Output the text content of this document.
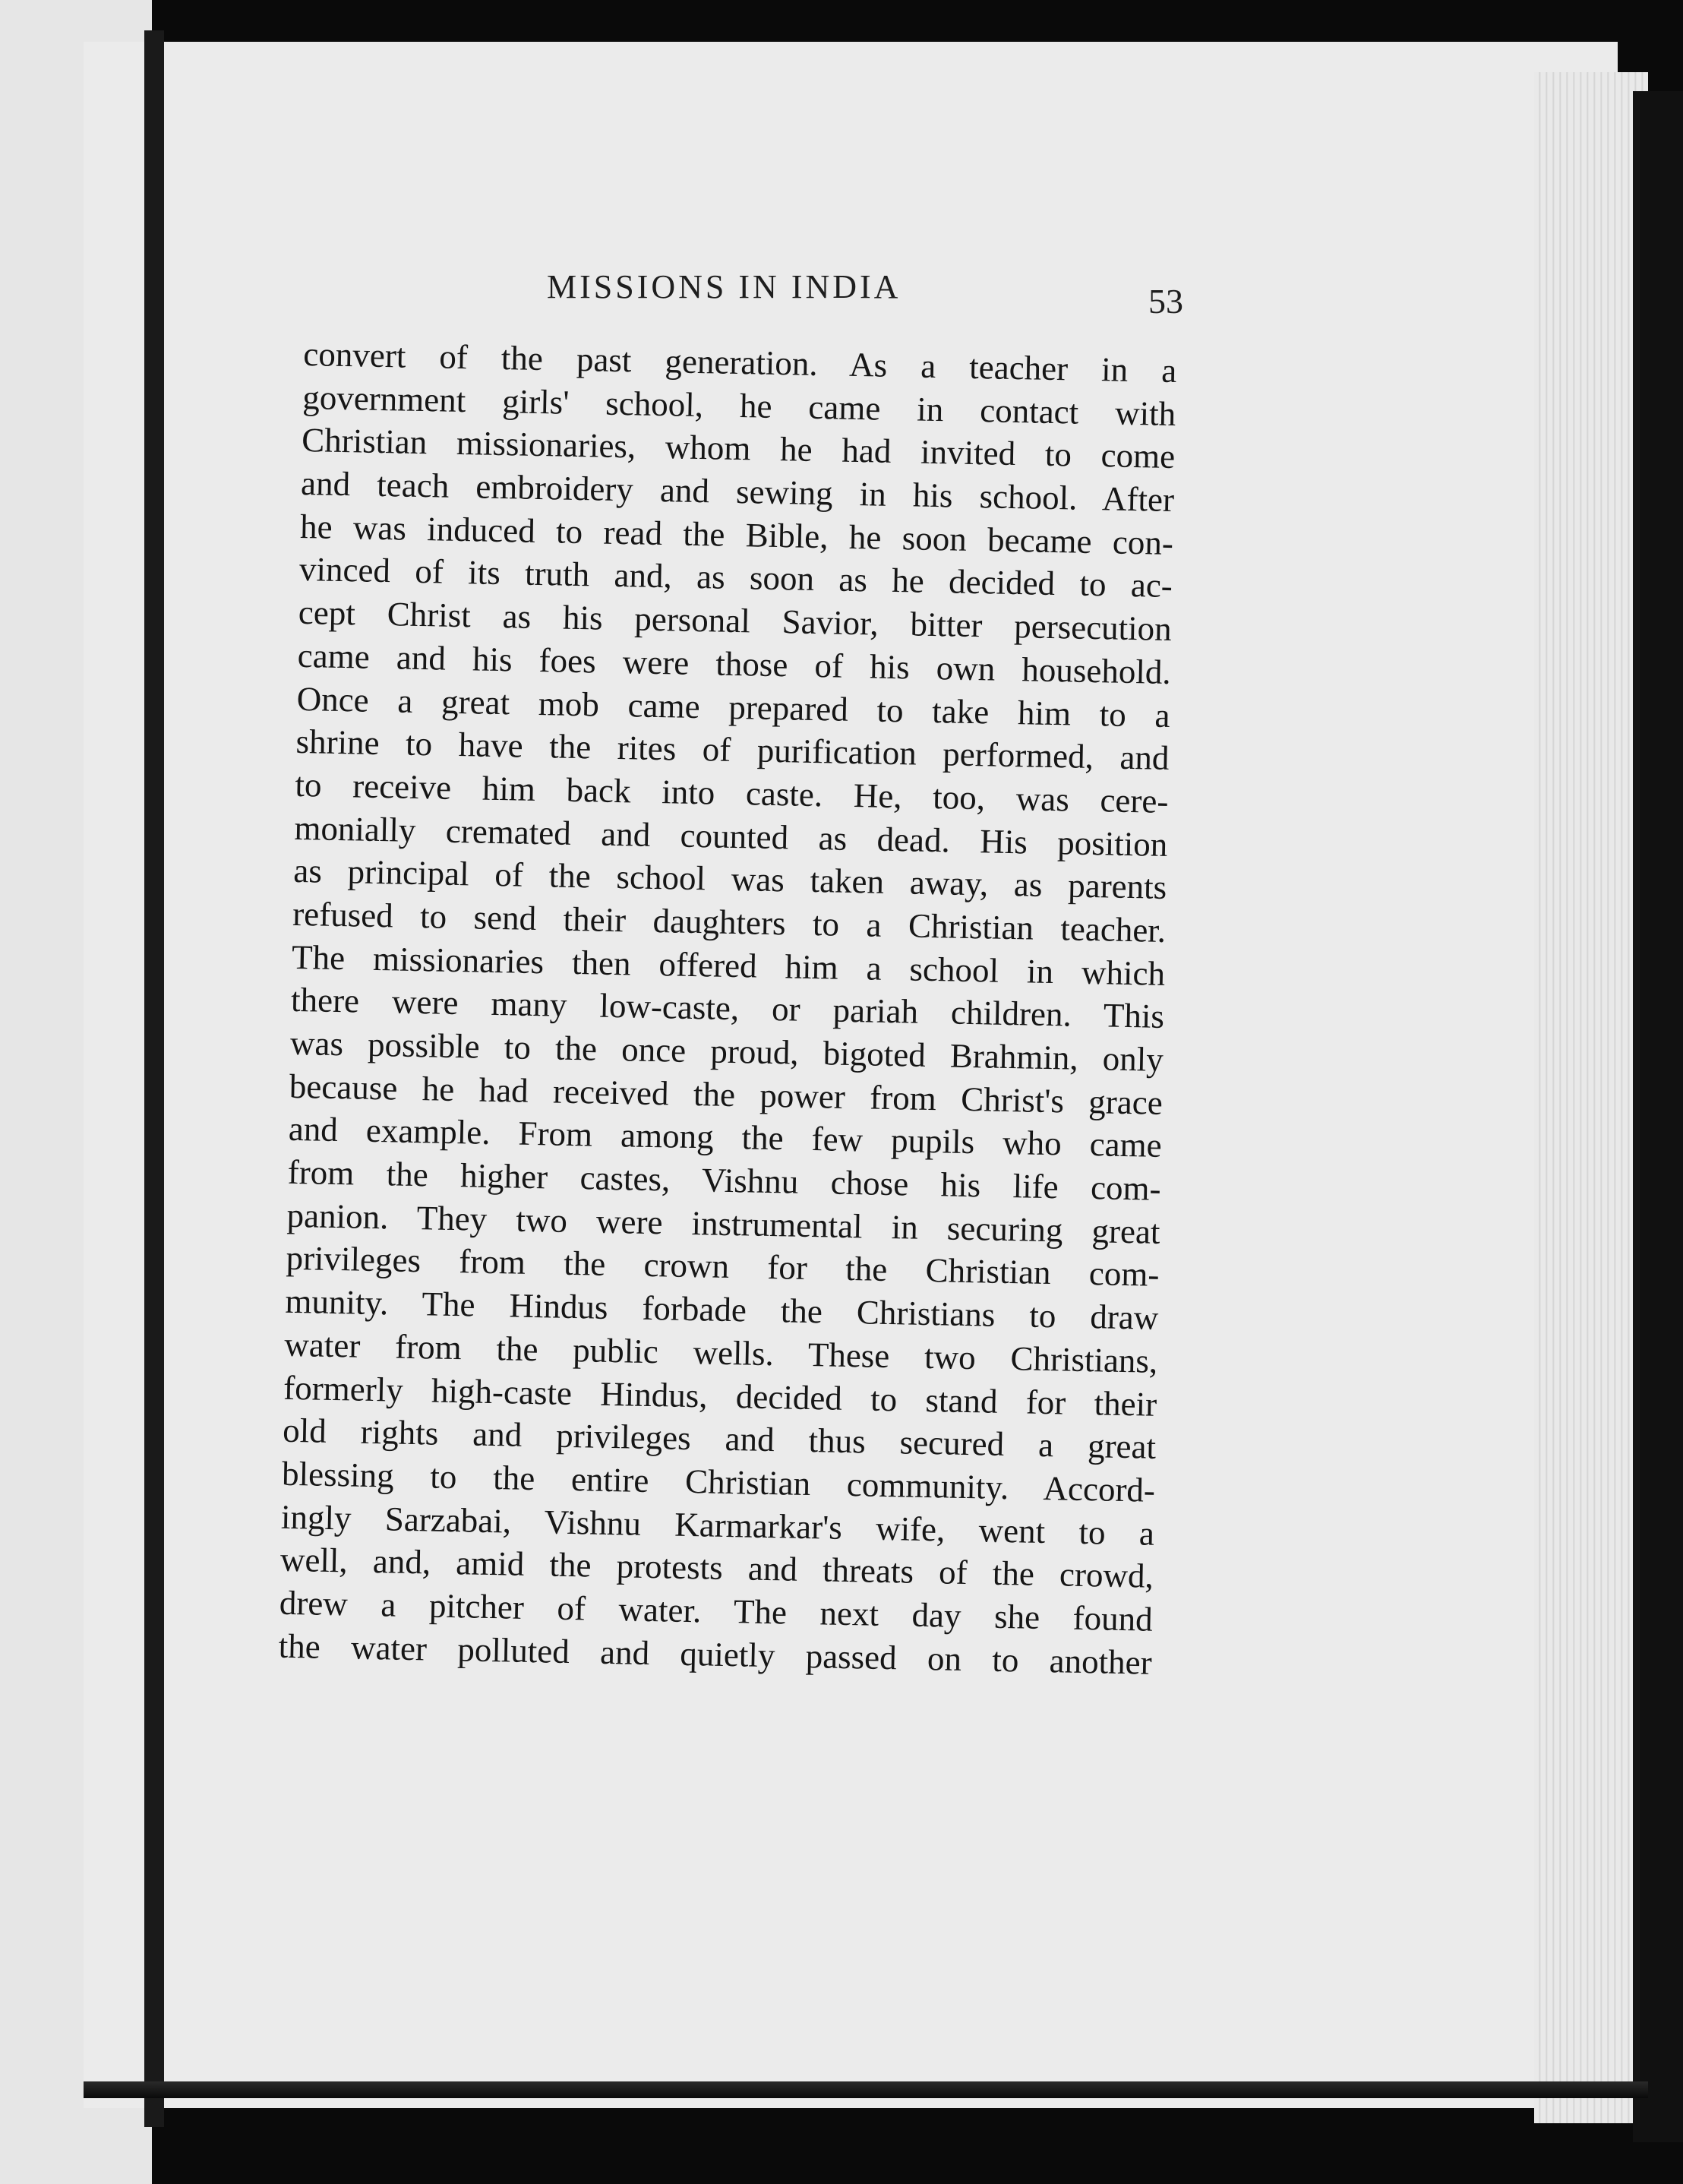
MISSIONS IN INDIA	53
convert of the past generation. As a teacher in a
government girls' school, he came in contact with
Christian missionaries, whom he had invited to come
and teach embroidery and sewing in his school. After
he was induced to read the Bible, he soon became con-
vinced of its truth and, as soon as he decided to ac-
cept Christ as his personal Savior, bitter persecution
came and his foes were those of his own household.
Once a great mob came prepared to take him to a
shrine to have the rites of purification performed, and
to receive him back into caste. He, too, was cere-
monially cremated and counted as dead. His position
as principal of the school was taken away, as parents
refused to send their daughters to a Christian teacher.
The missionaries then offered him a school in which
there were many low-caste, or pariah children. This
was possible to the once proud, bigoted Brahmin, only
because he had received the power from Christ's grace
and example. From among the few pupils who came
from the higher castes, Vishnu chose his life com-
panion. They two were instrumental in securing great
privileges from the crown for the Christian com-
munity. The Hindus forbade the Christians to draw
water from the public wells. These two Christians,
formerly high-caste Hindus, decided to stand for their
old rights and privileges and thus secured a great
blessing to the entire Christian community. Accord-
ingly Sarzabai, Vishnu Karmarkar's wife, went to a
well, and, amid the protests and threats of the crowd,
drew a pitcher of water. The next day she found
the water polluted and quietly passed on to another
